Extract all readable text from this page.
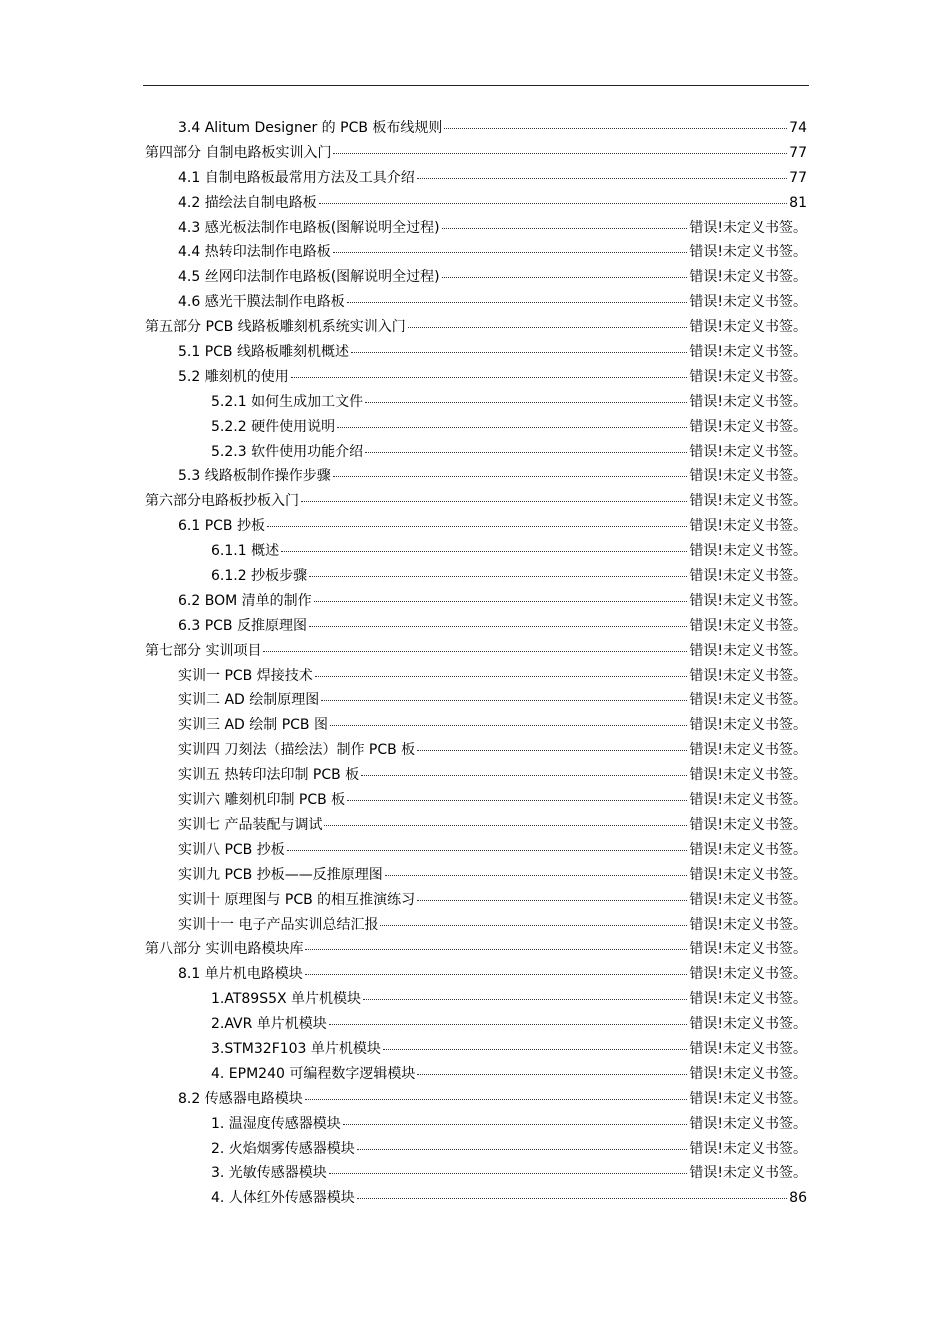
3.4 Alitum Designer 的 PCB 板布线规则	74
第四部分 自制电路板实训入门	77
4.1 自制电路板最常用方法及工具介绍	77
4.2 描绘法自制电路板	81
4.3 感光板法制作电路板(图解说明全过程)	错误!未定义书签。
4.4 热转印法制作电路板	错误!未定义书签。
4.5 丝网印法制作电路板(图解说明全过程)	错误!未定义书签。
4.6 感光干膜法制作电路板	错误!未定义书签。
第五部分 PCB 线路板雕刻机系统实训入门	错误!未定义书签。
5.1 PCB 线路板雕刻机概述	错误!未定义书签。
5.2 雕刻机的使用	错误!未定义书签。
5.2.1 如何生成加工文件	错误!未定义书签。
5.2.2 硬件使用说明	错误!未定义书签。
5.2.3 软件使用功能介绍	错误!未定义书签。
5.3 线路板制作操作步骤	错误!未定义书签。
第六部分电路板抄板入门	错误!未定义书签。
6.1 PCB 抄板	错误!未定义书签。
6.1.1 概述	错误!未定义书签。
6.1.2 抄板步骤	错误!未定义书签。
6.2 BOM 清单的制作	错误!未定义书签。
6.3 PCB 反推原理图	错误!未定义书签。
第七部分 实训项目	错误!未定义书签。
实训一 PCB 焊接技术	错误!未定义书签。
实训二 AD 绘制原理图	错误!未定义书签。
实训三 AD 绘制 PCB 图	错误!未定义书签。
实训四 刀刻法（描绘法）制作 PCB 板	错误!未定义书签。
实训五 热转印法印制 PCB 板	错误!未定义书签。
实训六 雕刻机印制 PCB 板	错误!未定义书签。
实训七 产品装配与调试	错误!未定义书签。
实训八 PCB 抄板	错误!未定义书签。
实训九 PCB 抄板——反推原理图	错误!未定义书签。
实训十 原理图与 PCB 的相互推演练习	错误!未定义书签。
实训十一 电子产品实训总结汇报	错误!未定义书签。
第八部分 实训电路模块库	错误!未定义书签。
8.1 单片机电路模块	错误!未定义书签。
1.AT89S5X 单片机模块	错误!未定义书签。
2.AVR 单片机模块	错误!未定义书签。
3.STM32F103 单片机模块	错误!未定义书签。
4. EPM240 可编程数字逻辑模块	错误!未定义书签。
8.2 传感器电路模块	错误!未定义书签。
1. 温湿度传感器模块	错误!未定义书签。
2. 火焰烟雾传感器模块	错误!未定义书签。
3. 光敏传感器模块	错误!未定义书签。
4. 人体红外传感器模块	86
